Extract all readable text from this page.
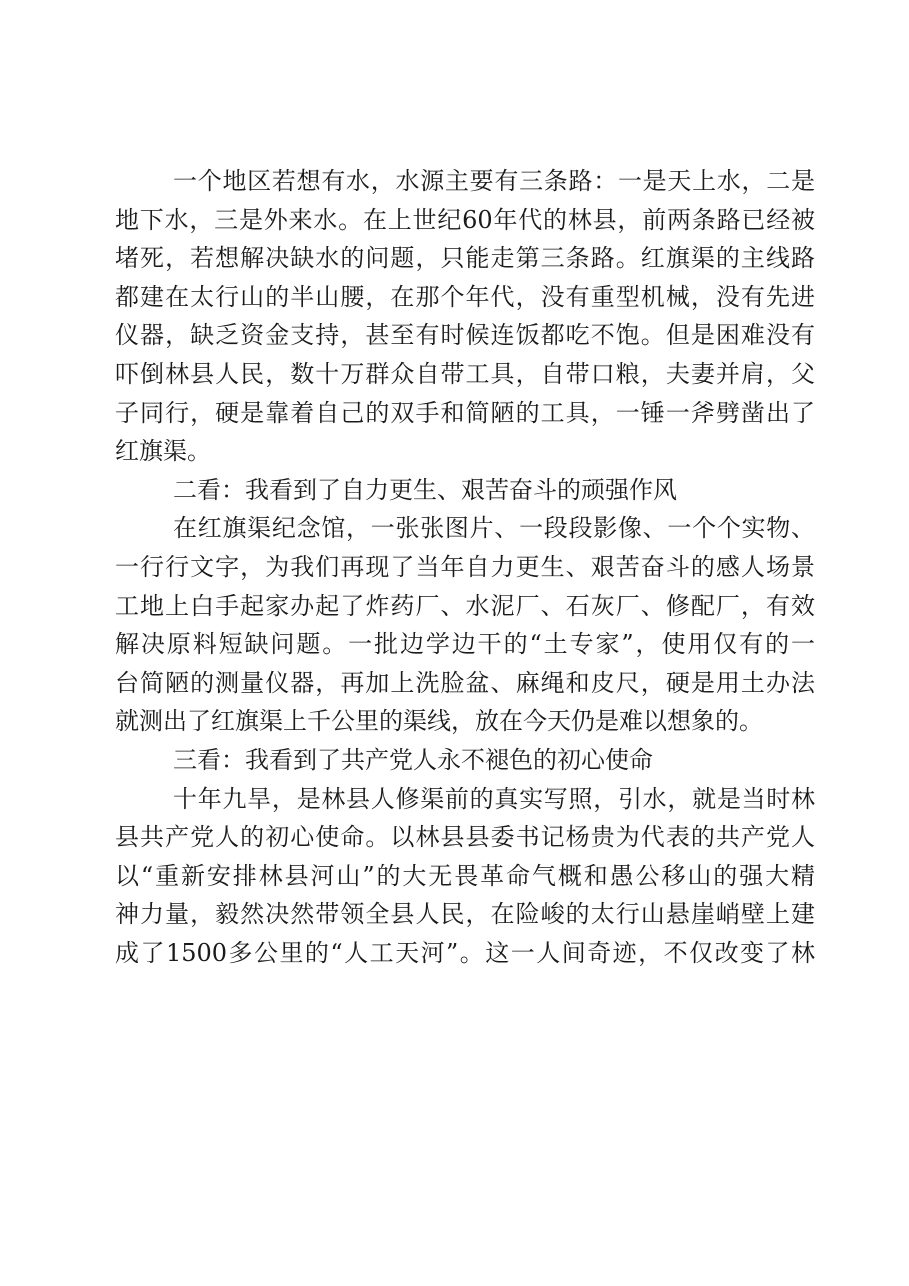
一个地区若想有水，水源主要有三条路：一是天上水，二是
地下水，三是外来水。在上世纪60年代的林县，前两条路已经被
堵死，若想解决缺水的问题，只能走第三条路。红旗渠的主线路
都建在太行山的半山腰，在那个年代，没有重型机械，没有先进
仪器，缺乏资金支持，甚至有时候连饭都吃不饱。但是困难没有
吓倒林县人民，数十万群众自带工具，自带口粮，夫妻并肩，父
子同行，硬是靠着自己的双手和简陋的工具，一锤一斧劈凿出了
红旗渠。
二看：我看到了自力更生、艰苦奋斗的顽强作风
在红旗渠纪念馆，一张张图片、一段段影像、一个个实物、
一行行文字，为我们再现了当年自力更生、艰苦奋斗的感人场景
工地上白手起家办起了炸药厂、水泥厂、石灰厂、修配厂，有效
解决原料短缺问题。一批边学边干的“土专家”，使用仅有的一
台简陋的测量仪器，再加上洗脸盆、麻绳和皮尺，硬是用土办法
就测出了红旗渠上千公里的渠线，放在今天仍是难以想象的。
三看：我看到了共产党人永不褪色的初心使命
十年九旱，是林县人修渠前的真实写照，引水，就是当时林
县共产党人的初心使命。以林县县委书记杨贵为代表的共产党人
以“重新安排林县河山”的大无畏革命气概和愚公移山的强大精
神力量，毅然决然带领全县人民，在险峻的太行山悬崖峭壁上建
成了1500多公里的“人工天河”。这一人间奇迹，不仅改变了林
